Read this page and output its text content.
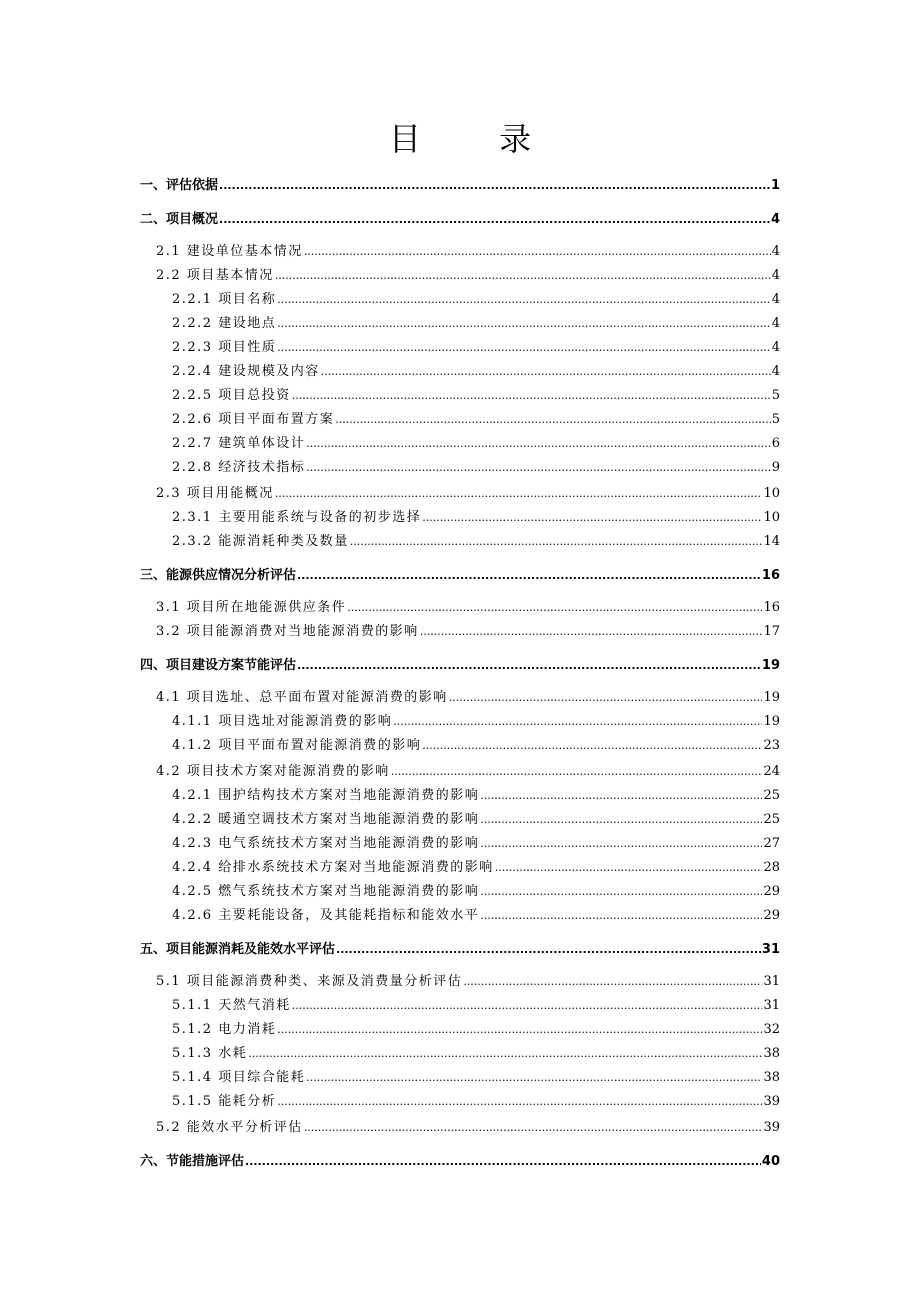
目 录
一、评估依据 .....	1
二、项目概况 .....	4
2.1 建设单位基本情况 .....	4
2.2 项目基本情况 .....	4
2.2.1 项目名称 .....	4
2.2.2 建设地点 .....	4
2.2.3 项目性质 .....	4
2.2.4 建设规模及内容 .....	4
2.2.5 项目总投资 .....	5
2.2.6 项目平面布置方案 .....	5
2.2.7 建筑单体设计 .....	6
2.2.8 经济技术指标 .....	9
2.3 项目用能概况 .....	10
2.3.1 主要用能系统与设备的初步选择 .....	10
2.3.2 能源消耗种类及数量 .....	14
三、能源供应情况分析评估 .....	16
3.1 项目所在地能源供应条件 .....	16
3.2 项目能源消费对当地能源消费的影响 .....	17
四、项目建设方案节能评估 .....	19
4.1 项目选址、总平面布置对能源消费的影响 .....	19
4.1.1 项目选址对能源消费的影响 .....	19
4.1.2 项目平面布置对能源消费的影响 .....	23
4.2 项目技术方案对能源消费的影响 .....	24
4.2.1 围护结构技术方案对当地能源消费的影响 .....	25
4.2.2 暖通空调技术方案对当地能源消费的影响 .....	25
4.2.3 电气系统技术方案对当地能源消费的影响 .....	27
4.2.4 给排水系统技术方案对当地能源消费的影响 .....	28
4.2.5 燃气系统技术方案对当地能源消费的影响 .....	29
4.2.6 主要耗能设备，及其能耗指标和能效水平 .....	29
五、项目能源消耗及能效水平评估 .....	31
5.1 项目能源消费种类、来源及消费量分析评估 .....	31
5.1.1 天然气消耗 .....	31
5.1.2 电力消耗 .....	32
5.1.3 水耗 .....	38
5.1.4 项目综合能耗 .....	38
5.1.5 能耗分析 .....	39
5.2 能效水平分析评估 .....	39
六、节能措施评估 .....	40
